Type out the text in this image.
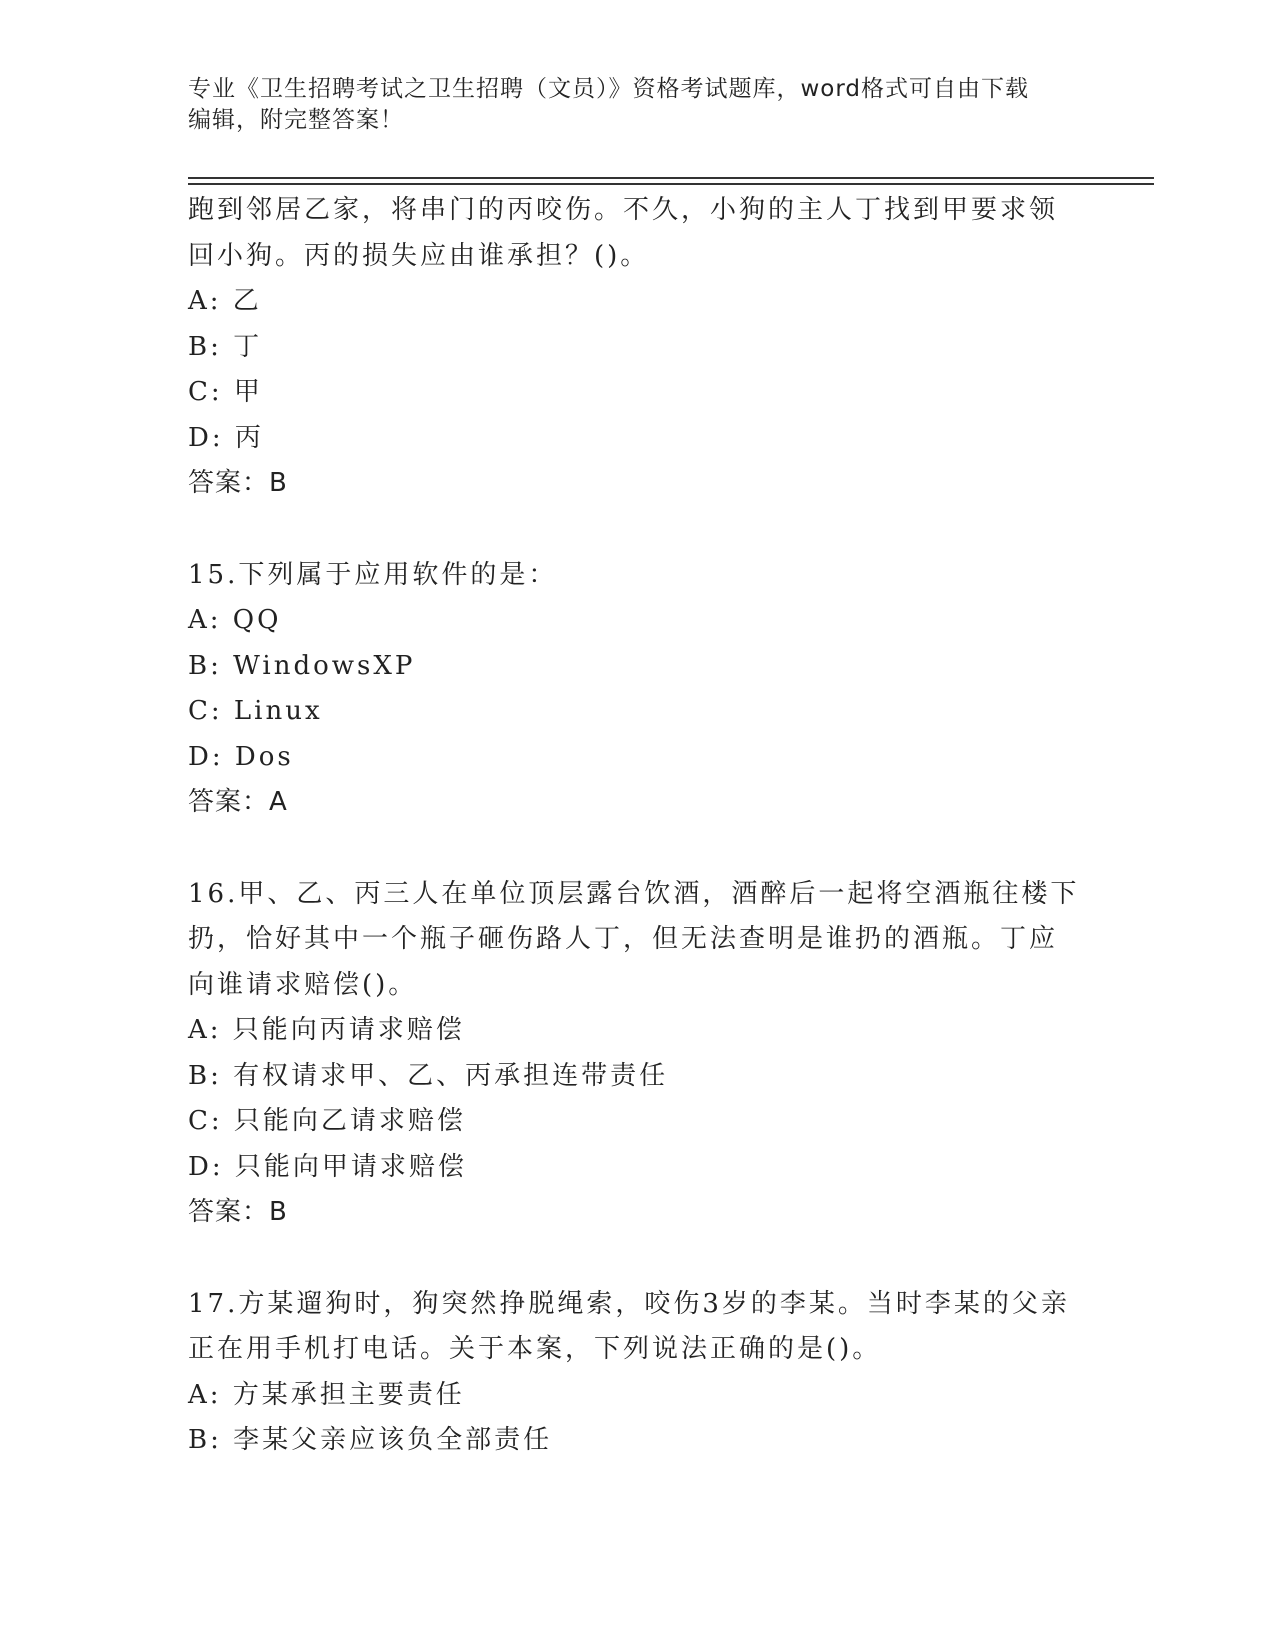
专业《卫生招聘考试之卫生招聘（文员）》资格考试题库，word格式可自由下载
编辑，附完整答案！
跑到邻居乙家，将串门的丙咬伤。不久，小狗的主人丁找到甲要求领
回小狗。丙的损失应由谁承担？()。
A: 乙
B: 丁
C: 甲
D: 丙
答案：B
15.下列属于应用软件的是：
A: QQ
B: WindowsXP
C: Linux
D: Dos
答案：A
16.甲、乙、丙三人在单位顶层露台饮酒，酒醉后一起将空酒瓶往楼下
扔，恰好其中一个瓶子砸伤路人丁，但无法查明是谁扔的酒瓶。丁应
向谁请求赔偿()。
A: 只能向丙请求赔偿
B: 有权请求甲、乙、丙承担连带责任
C: 只能向乙请求赔偿
D: 只能向甲请求赔偿
答案：B
17.方某遛狗时，狗突然挣脱绳索，咬伤3岁的李某。当时李某的父亲
正在用手机打电话。关于本案，下列说法正确的是()。
A: 方某承担主要责任
B: 李某父亲应该负全部责任
